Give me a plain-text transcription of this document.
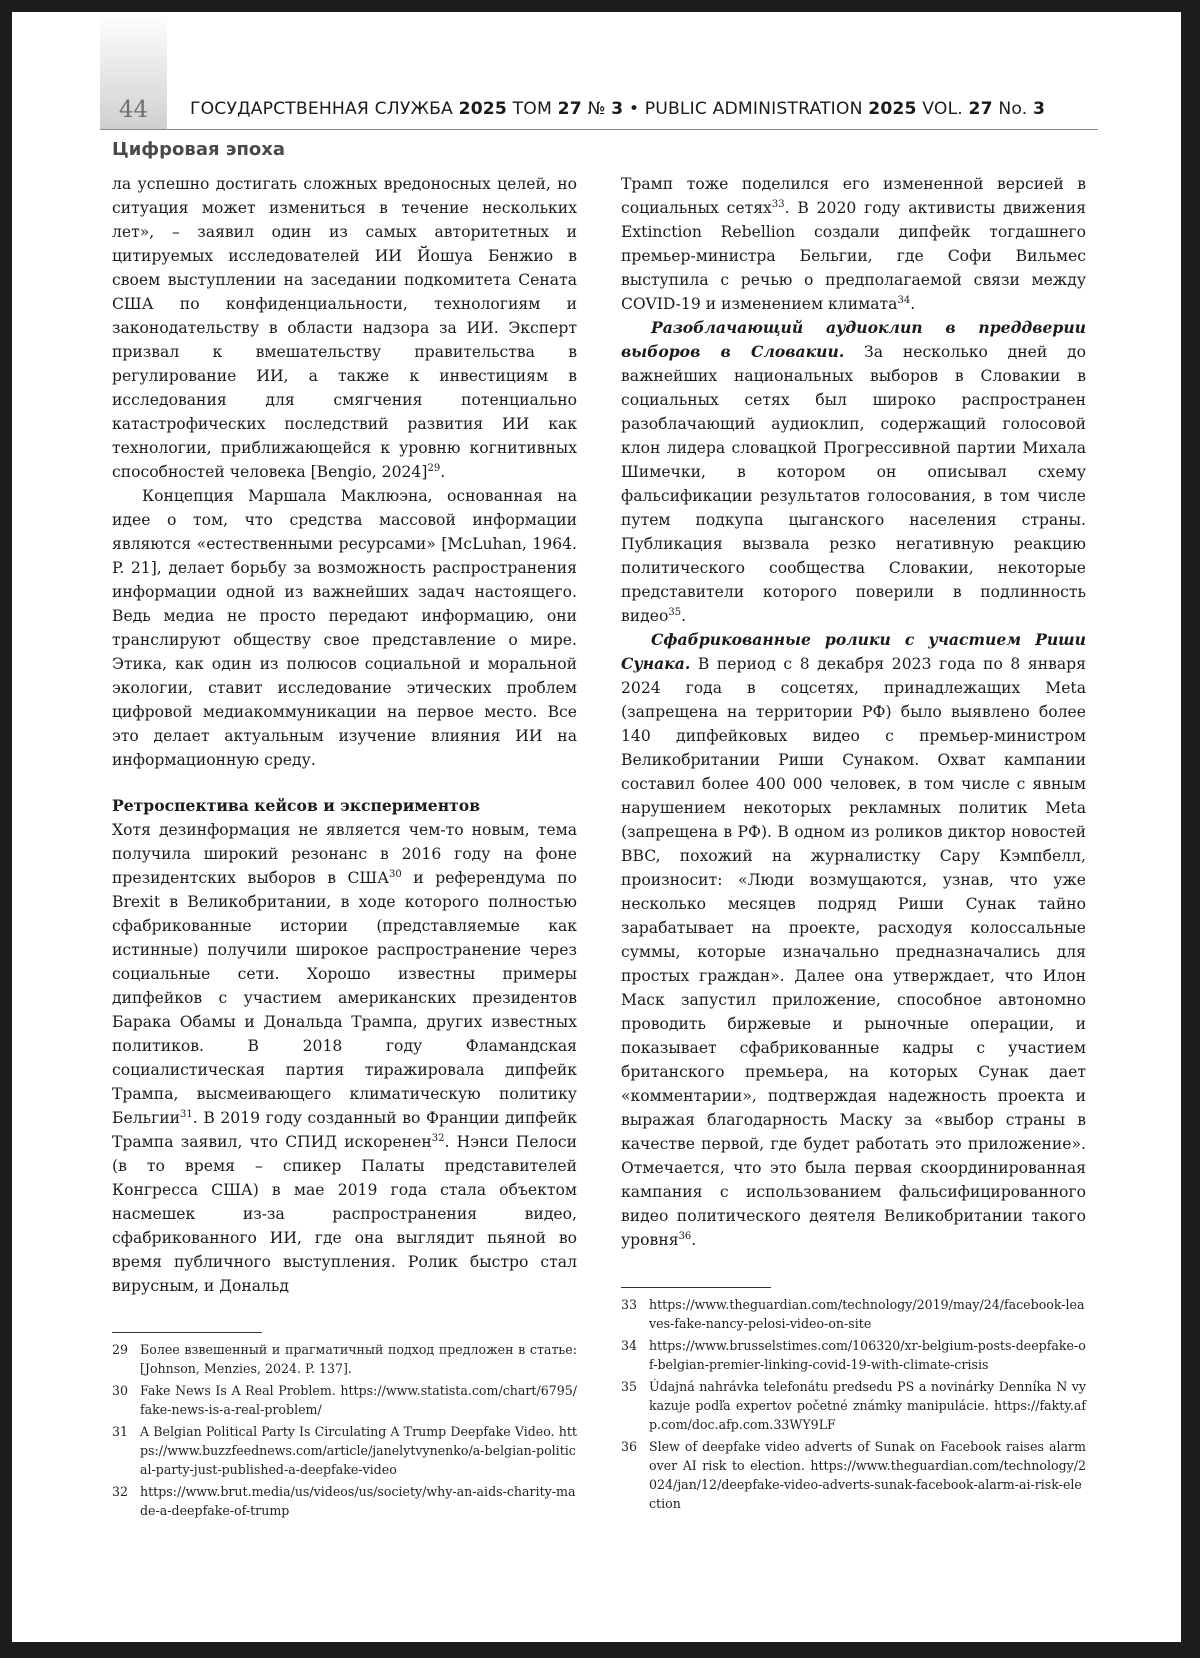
44	ГОСУДАРСТВЕННАЯ СЛУЖБА 2025 ТОМ 27 № 3 • PUBLIC ADMINISTRATION 2025 VOL. 27 No. 3
Цифровая эпоха

ла успешно достигать сложных вредоносных целей, но ситуация может измениться в течение нескольких лет», – заявил один из самых авторитетных и цитируемых исследователей ИИ Йошуа Бенжио в своем выступлении на заседании подкомитета Сената США по конфиденциальности, технологиям и законодательству в области надзора за ИИ. Эксперт призвал к вмешательству правительства в регулирование ИИ, а также к инвестициям в исследования для смягчения потенциально катастрофических последствий развития ИИ как технологии, приближающейся к уровню когнитивных способностей человека [Bengio, 2024]$^{29}$.

Концепция Маршала Маклюэна, основанная на идее о том, что средства массовой информации являются «естественными ресурсами» [McLuhan, 1964. P. 21], делает борьбу за возможность распространения информации одной из важнейших задач настоящего. Ведь медиа не просто передают информацию, они транслируют обществу свое представление о мире. Этика, как один из полюсов социальной и моральной экологии, ставит исследование этических проблем цифровой медиакоммуникации на первое место. Все это делает актуальным изучение влияния ИИ на информационную среду.

Ретроспектива кейсов и экспериментов

Хотя дезинформация не является чем-то новым, тема получила широкий резонанс в 2016 году на фоне президентских выборов в США$^{30}$ и референдума по Brexit в Великобритании, в ходе которого полностью сфабрикованные истории (представляемые как истинные) получили широкое распространение через социальные сети. Хорошо известны примеры дипфейков с участием американских президентов Барака Обамы и Дональда Трампа, других известных политиков. В 2018 году Фламандская социалистическая партия тиражировала дипфейк Трампа, высмеивающего климатическую политику Бельгии$^{31}$. В 2019 году созданный во Франции дипфейк Трампа заявил, что СПИД искоренен$^{32}$. Нэнси Пелоси (в то время – спикер Палаты представителей Конгресса США) в мае 2019 года стала объектом насмешек из-за распространения видео, сфабрикованного ИИ, где она выглядит пьяной во время публичного выступления. Ролик быстро стал вирусным, и Дональд

Трамп тоже поделился его измененной версией в социальных сетях$^{33}$. В 2020 году активисты движения Extinction Rebellion создали дипфейк тогдашнего премьер-министра Бельгии, где Софи Вильмес выступила с речью о предполагаемой связи между COVID-19 и изменением климата$^{34}$.

Разоблачающий аудиоклип в преддверии выборов в Словакии. За несколько дней до важнейших национальных выборов в Словакии в социальных сетях был широко распространен разоблачающий аудиоклип, содержащий голосовой клон лидера словацкой Прогрессивной партии Михала Шимечки, в котором он описывал схему фальсификации результатов голосования, в том числе путем подкупа цыганского населения страны. Публикация вызвала резко негативную реакцию политического сообщества Словакии, некоторые представители которого поверили в подлинность видео$^{35}$.

Сфабрикованные ролики с участием Риши Сунака. В период с 8 декабря 2023 года по 8 января 2024 года в соцсетях, принадлежащих Meta (запрещена на территории РФ) было выявлено более 140 дипфейковых видео с премьер-министром Великобритании Риши Сунаком. Охват кампании составил более 400 000 человек, в том числе с явным нарушением некоторых рекламных политик Meta (запрещена в РФ). В одном из роликов диктор новостей BBC, похожий на журналистку Сару Кэмпбелл, произносит: «Люди возмущаются, узнав, что уже несколько месяцев подряд Риши Сунак тайно зарабатывает на проекте, расходуя колоссальные суммы, которые изначально предназначались для простых граждан». Далее она утверждает, что Илон Маск запустил приложение, способное автономно проводить биржевые и рыночные операции, и показывает сфабрикованные кадры с участием британского премьера, на которых Сунак дает «комментарии», подтверждая надежность проекта и выражая благодарность Маску за «выбор страны в качестве первой, где будет работать это приложение». Отмечается, что это была первая скоординированная кампания с использованием фальсифицированного видео политического деятеля Великобритании такого уровня$^{36}$.

29 Более взвешенный и прагматичный подход предложен в статье: [Johnson, Menzies, 2024. P. 137].
30 Fake News Is A Real Problem. https://www.statista.com/chart/6795/fake-news-is-a-real-problem/
31 A Belgian Political Party Is Circulating A Trump Deepfake Video. https://www.buzzfeednews.com/article/janelytvynenko/a-belgian-political-party-just-published-a-deepfake-video
32 https://www.brut.media/us/videos/us/society/why-an-aids-charity-made-a-deepfake-of-trump
33 https://www.theguardian.com/technology/2019/may/24/facebook-leaves-fake-nancy-pelosi-video-on-site
34 https://www.brusselstimes.com/106320/xr-belgium-posts-deepfake-of-belgian-premier-linking-covid-19-with-climate-crisis
35 Údajná nahrávka telefonátu predsedu PS a novinárky Denníka N vykazuje podľa expertov početné známky manipulácie. https://fakty.afp.com/doc.afp.com.33WY9LF
36 Slew of deepfake video adverts of Sunak on Facebook raises alarm over AI risk to election. https://www.theguardian.com/technology/2024/jan/12/deepfake-video-adverts-sunak-facebook-alarm-ai-risk-election
